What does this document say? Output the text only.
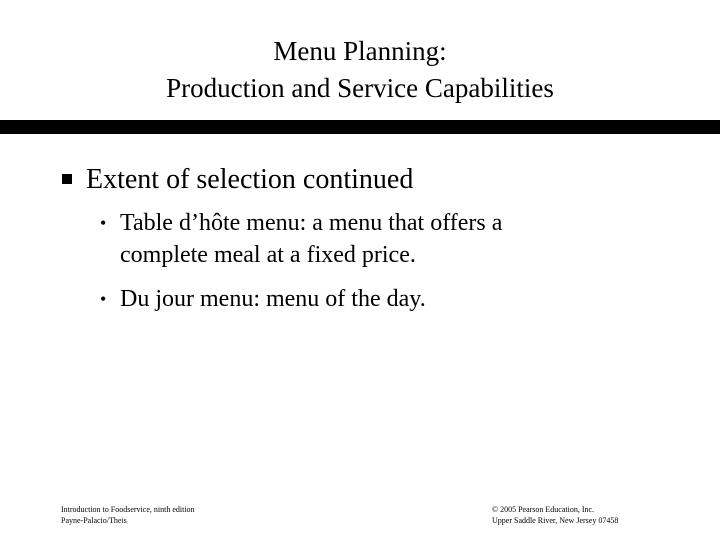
Menu Planning:
Production and Service Capabilities
Extent of selection continued
• Table d’hôte menu: a menu that offers a
complete meal at a fixed price.
• Du jour menu: menu of the day.
Introduction to Foodservice, ninth edition
Payne-Palacio/Theis
© 2005 Pearson Education, Inc.
Upper Saddle River, New Jersey 07458
